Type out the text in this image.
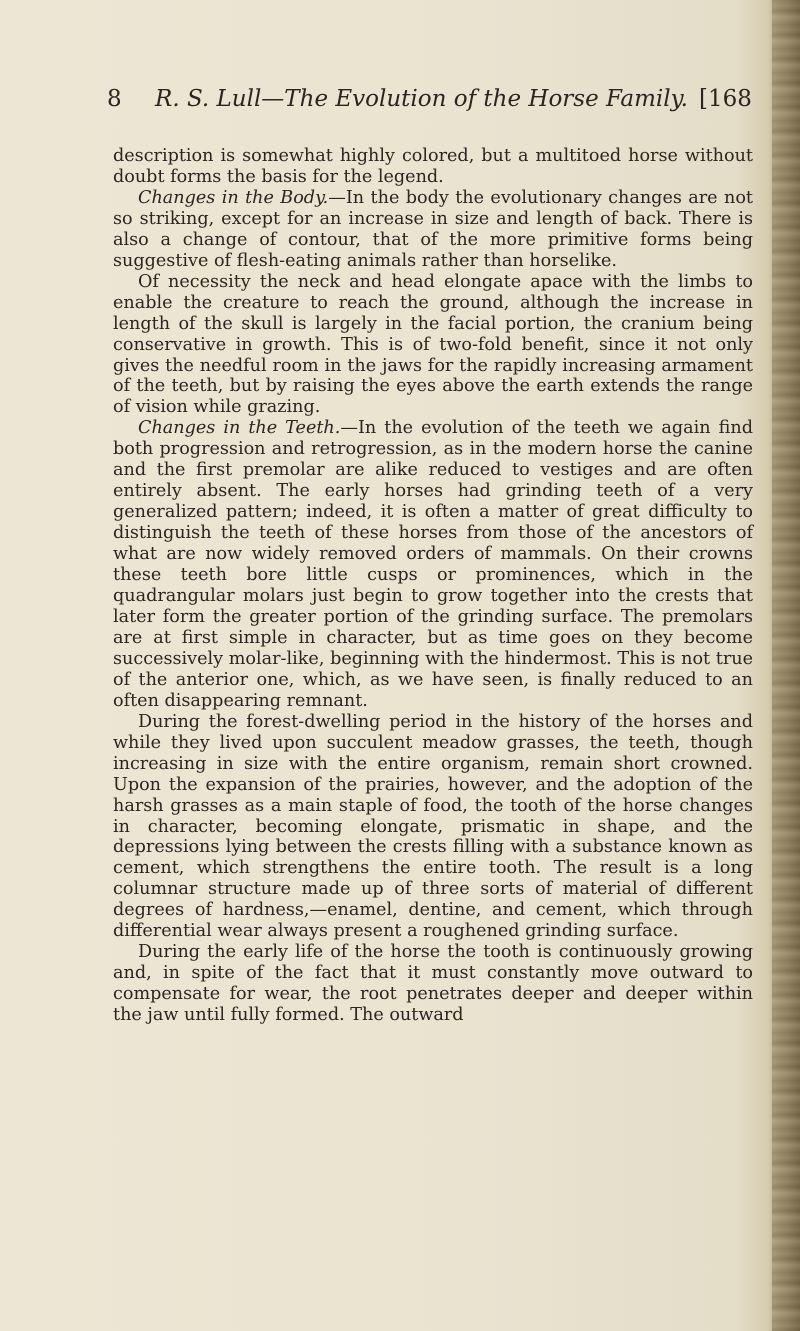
8 R. S. Lull—The Evolution of the Horse Family. [168

description is somewhat highly colored, but a multitoed horse without doubt forms the basis for the legend.

Changes in the Body.—In the body the evolutionary changes are not so striking, except for an increase in size and length of back. There is also a change of contour, that of the more primitive forms being suggestive of flesh-eating animals rather than horselike.

Of necessity the neck and head elongate apace with the limbs to enable the creature to reach the ground, although the increase in length of the skull is largely in the facial portion, the cranium being conservative in growth. This is of two-fold benefit, since it not only gives the needful room in the jaws for the rapidly increasing armament of the teeth, but by raising the eyes above the earth extends the range of vision while grazing.

Changes in the Teeth.—In the evolution of the teeth we again find both progression and retrogression, as in the modern horse the canine and the first premolar are alike reduced to vestiges and are often entirely absent. The early horses had grinding teeth of a very generalized pattern; indeed, it is often a matter of great difficulty to distinguish the teeth of these horses from those of the ancestors of what are now widely removed orders of mammals. On their crowns these teeth bore little cusps or prominences, which in the quadrangular molars just begin to grow together into the crests that later form the greater portion of the grinding surface. The premolars are at first simple in character, but as time goes on they become successively molar-like, beginning with the hindermost. This is not true of the anterior one, which, as we have seen, is finally reduced to an often disappearing remnant.

During the forest-dwelling period in the history of the horses and while they lived upon succulent meadow grasses, the teeth, though increasing in size with the entire organism, remain short crowned. Upon the expansion of the prairies, however, and the adoption of the harsh grasses as a main staple of food, the tooth of the horse changes in character, becoming elongate, prismatic in shape, and the depressions lying between the crests filling with a substance known as cement, which strengthens the entire tooth. The result is a long columnar structure made up of three sorts of material of different degrees of hardness,—enamel, dentine, and cement, which through differential wear always present a roughened grinding surface.

During the early life of the horse the tooth is continuously growing and, in spite of the fact that it must constantly move outward to compensate for wear, the root penetrates deeper and deeper within the jaw until fully formed. The outward
